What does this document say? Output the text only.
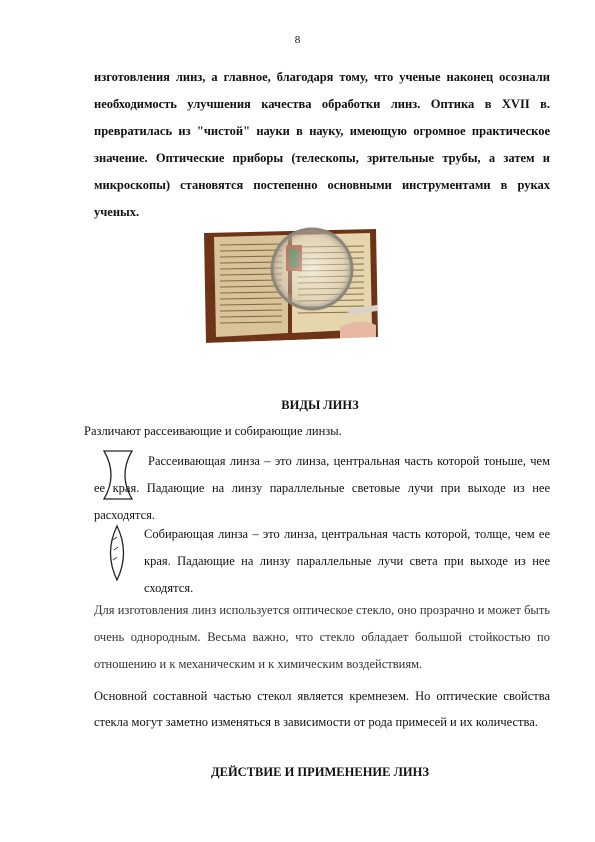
8
изготовления линз, а главное, благодаря тому, что ученые наконец осознали необходимость улучшения качества обработки линз. Оптика в XVII в. превратилась из "чистой" науки в науку, имеющую огромное практическое значение. Оптические приборы (телескопы, зрительные трубы, а затем и микроскопы) становятся постепенно основными инструментами в руках ученых.
ВИДЫ ЛИНЗ
Различают рассеивающие и собирающие линзы.
Рассеивающая линза – это линза, центральная часть которой тоньше, чем ее края. Падающие на линзу параллельные световые лучи при выходе из нее расходятся.
Собирающая линза – это линза, центральная часть которой, толще, чем ее края. Падающие на линзу параллельные лучи света при выходе из нее сходятся.
Для изготовления линз используется оптическое стекло, оно прозрачно и может быть очень однородным. Весьма важно, что стекло обладает большой стойкостью по отношению и к механическим и к химическим воздействиям.
Основной составной частью стекол является кремнезем. Но оптические свойства стекла могут заметно изменяться в зависимости от рода примесей и их количества.
ДЕЙСТВИЕ И ПРИМЕНЕНИЕ ЛИНЗ
